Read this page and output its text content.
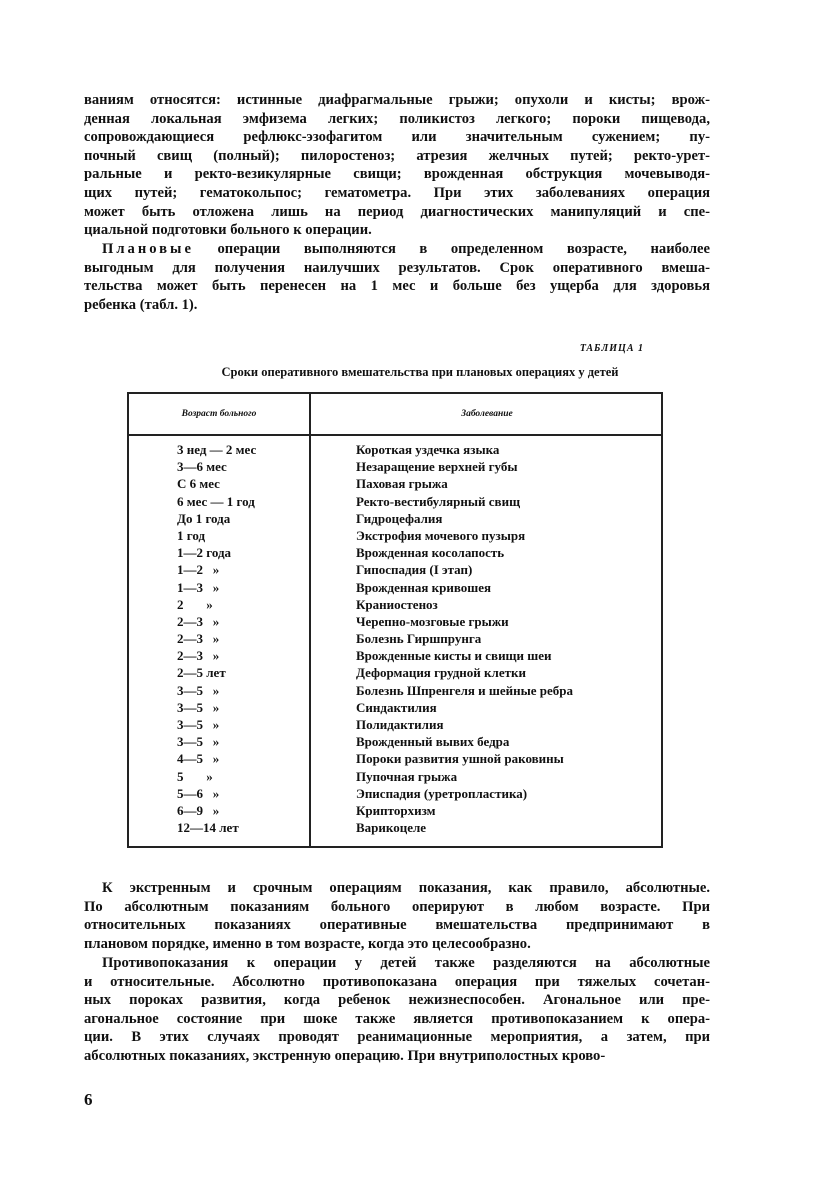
ваниям относятся: истинные диафрагмальные грыжи; опухоли и кисты; врож-
денная локальная эмфизема легких; поликистоз легкого; пороки пищевода,
сопровождающиеся рефлюкс-эзофагитом или значительным сужением; пу-
почный свищ (полный); пилоростеноз; атрезия желчных путей; ректо-урет-
ральные и ректо-везикулярные свищи; врожденная обструкция мочевыводя-
щих путей; гематокольпос; гематометра. При этих заболеваниях операция
может быть отложена лишь на период диагностических манипуляций и спе-
циальной подготовки больного к операции.
Плановые операции выполняются в определенном возрасте, наиболее
выгодным для получения наилучших результатов. Срок оперативного вмеша-
тельства может быть перенесен на 1 мес и больше без ущерба для здоровья
ребенка (табл. 1).
ТАБЛИЦА 1
Сроки оперативного вмешательства при плановых операциях у детей
Возраст больного	Заболевание
3 нед — 2 мес	Короткая уздечка языка
3—6 мес	Незаращение верхней губы
С 6 мес	Паховая грыжа
6 мес — 1 год	Ректо-вестибулярный свищ
До 1 года	Гидроцефалия
1 год	Экстрофия мочевого пузыря
1—2 года	Врожденная косолапость
1—2   »	Гипоспадия (I этап)
1—3   »	Врожденная кривошея
2       »	Краниостеноз
2—3   »	Черепно-мозговые грыжи
2—3   »	Болезнь Гиршпрунга
2—3   »	Врожденные кисты и свищи шеи
2—5 лет	Деформация грудной клетки
3—5   »	Болезнь Шпренгеля и шейные ребра
3—5   »	Синдактилия
3—5   »	Полидактилия
3—5   »	Врожденный вывих бедра
4—5   »	Пороки развития ушной раковины
5       »	Пупочная грыжа
5—6   »	Эписпадия (уретропластика)
6—9   »	Крипторхизм
12—14 лет	Варикоцеле
К экстренным и срочным операциям показания, как правило, абсолютные.
По абсолютным показаниям больного оперируют в любом возрасте. При
относительных показаниях оперативные вмешательства предпринимают в
плановом порядке, именно в том возрасте, когда это целесообразно.
Противопоказания к операции у детей также разделяются на абсолютные
и относительные. Абсолютно противопоказана операция при тяжелых сочетан-
ных пороках развития, когда ребенок нежизнеспособен. Агональное или пре-
агональное состояние при шоке также является противопоказанием к опера-
ции. В этих случаях проводят реанимационные мероприятия, а затем, при
абсолютных показаниях, экстренную операцию. При внутриполостных крово-
6
